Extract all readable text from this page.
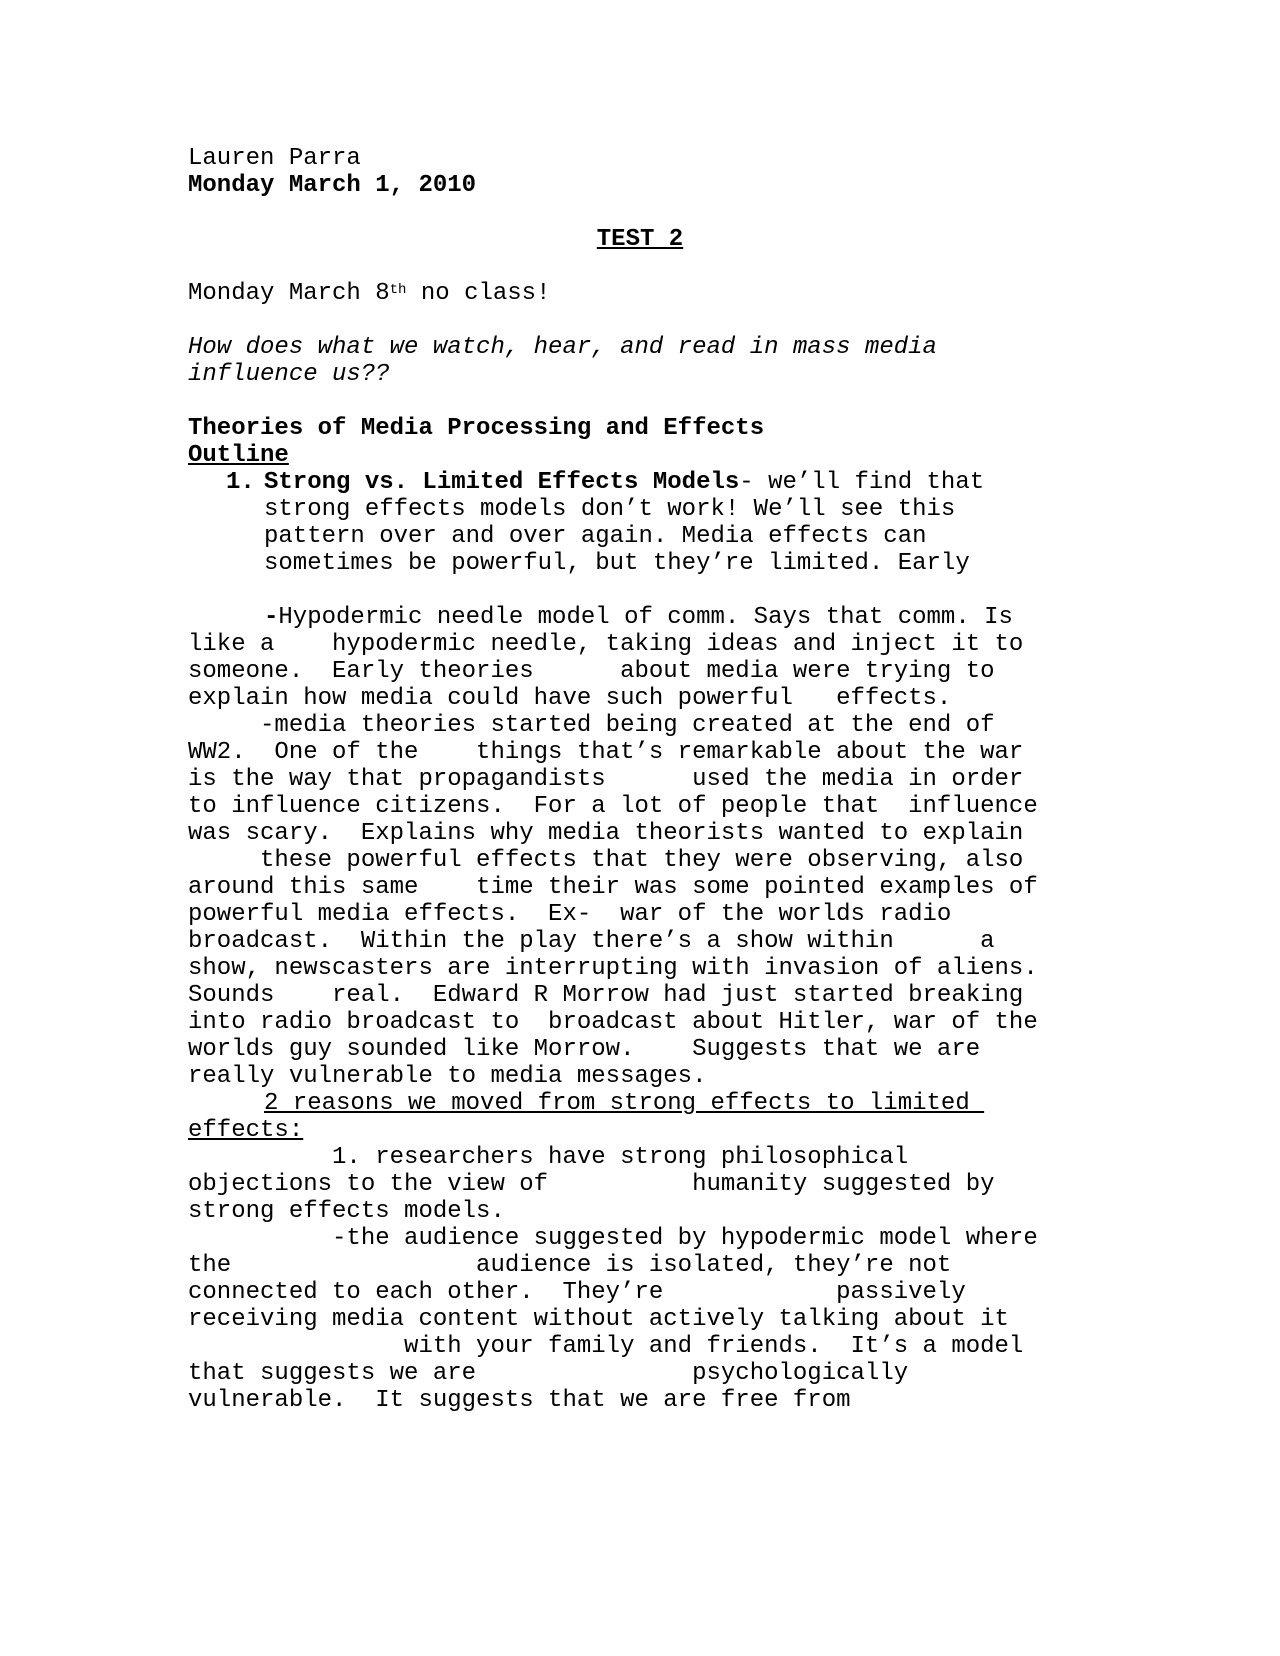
Lauren Parra
Monday March 1, 2010
TEST 2
Monday March 8th no class!
How does what we watch, hear, and read in mass media
influence us??
Theories of Media Processing and Effects
Outline
1. Strong vs. Limited Effects Models- we’ll find that
strong effects models don’t work! We’ll see this
pattern over and over again. Media effects can
sometimes be powerful, but they’re limited. Early
-Hypodermic needle model of comm. Says that comm. Is
like a    hypodermic needle, taking ideas and inject it to
someone.  Early theories      about media were trying to
explain how media could have such powerful   effects.
-media theories started being created at the end of
WW2.  One of the    things that’s remarkable about the war
is the way that propagandists      used the media in order
to influence citizens.  For a lot of people that  influence
was scary.  Explains why media theorists wanted to explain
these powerful effects that they were observing, also
around this same    time their was some pointed examples of
powerful media effects.  Ex-  war of the worlds radio
broadcast.  Within the play there’s a show within      a
show, newscasters are interrupting with invasion of aliens.
Sounds    real.  Edward R Morrow had just started breaking
into radio broadcast to  broadcast about Hitler, war of the
worlds guy sounded like Morrow.    Suggests that we are
really vulnerable to media messages.
2 reasons we moved from strong effects to limited
effects:
1. researchers have strong philosophical
objections to the view of          humanity suggested by
strong effects models.
-the audience suggested by hypodermic model where
the                 audience is isolated, they’re not
connected to each other.  They’re            passively
receiving media content without actively talking about it
with your family and friends.  It’s a model
that suggests we are               psychologically
vulnerable.  It suggests that we are free from
